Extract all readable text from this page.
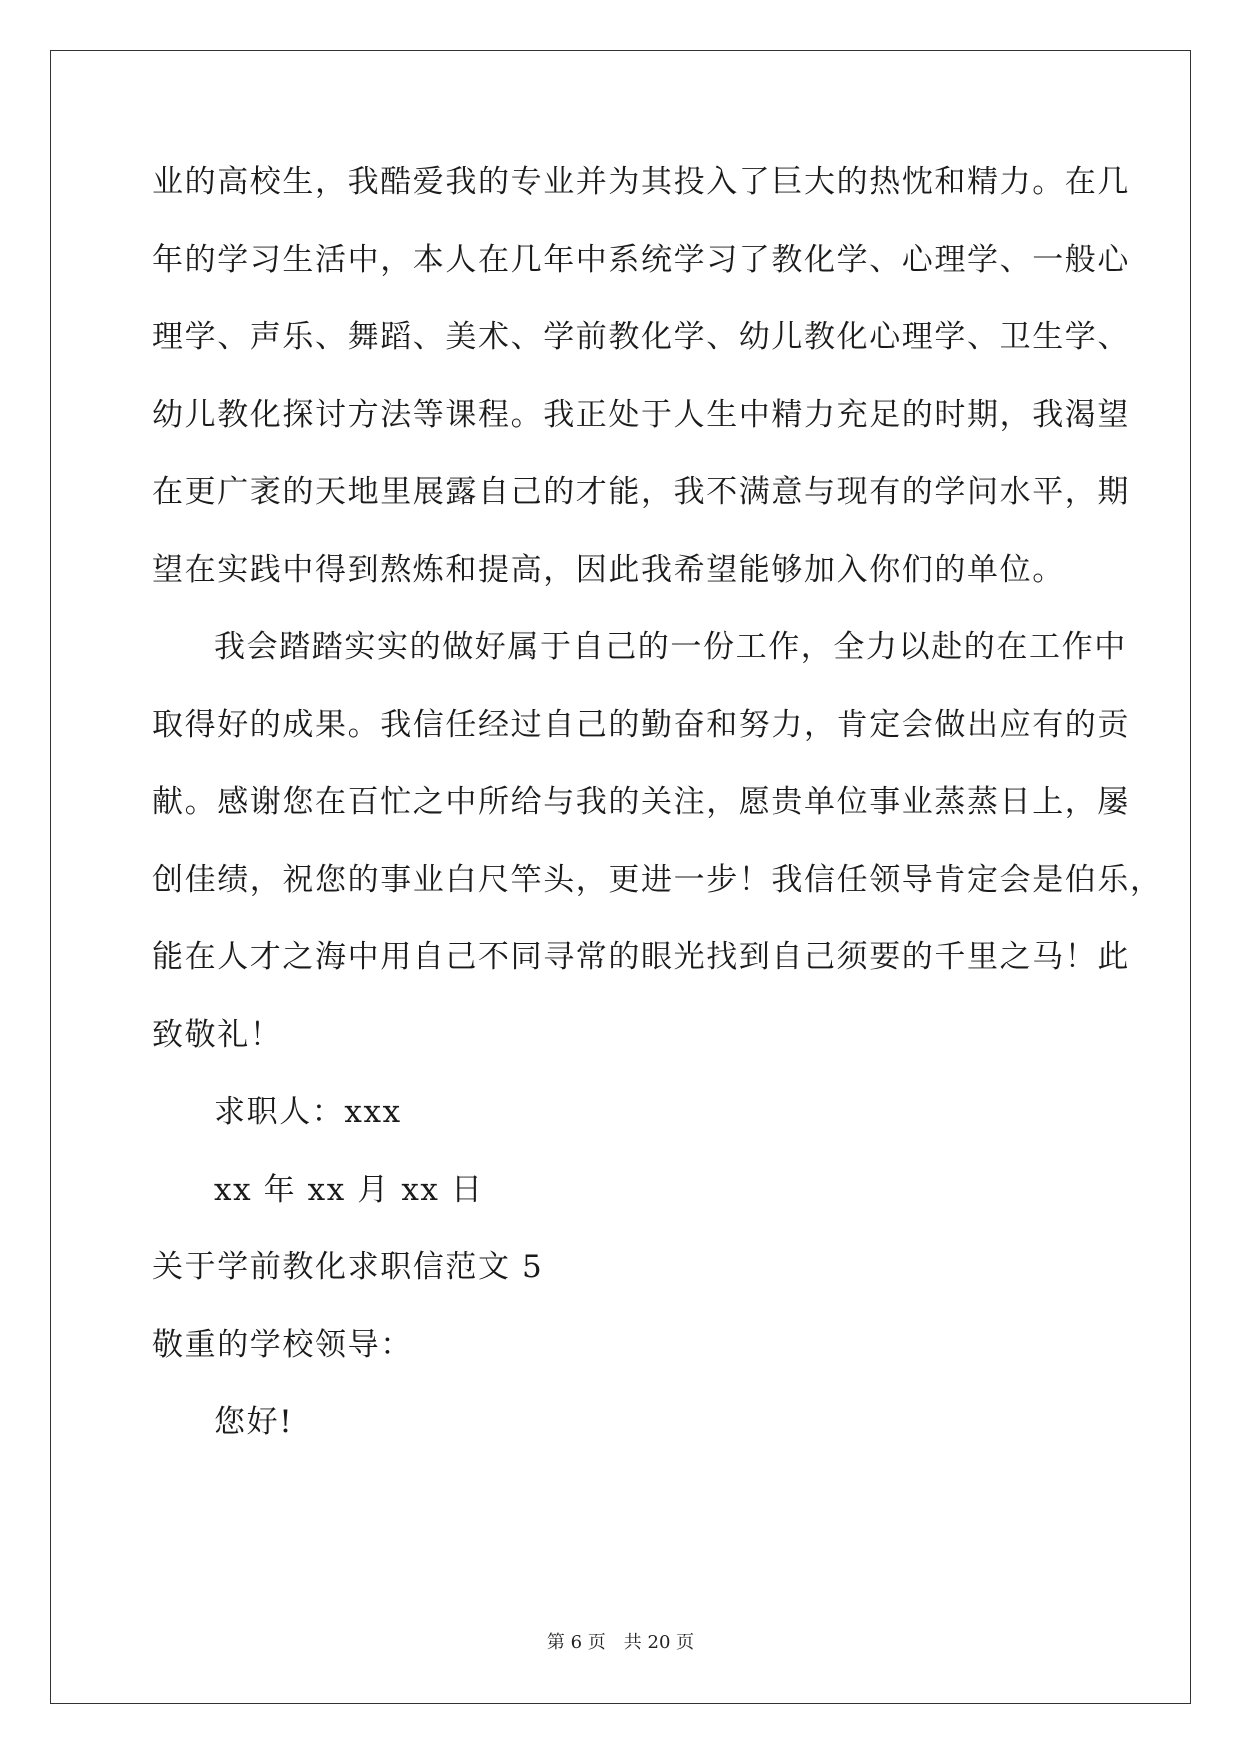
业的高校生，我酷爱我的专业并为其投入了巨大的热忱和精力。在几
年的学习生活中，本人在几年中系统学习了教化学、心理学、一般心
理学、声乐、舞蹈、美术、学前教化学、幼儿教化心理学、卫生学、
幼儿教化探讨方法等课程。我正处于人生中精力充足的时期，我渴望
在更广袤的天地里展露自己的才能，我不满意与现有的学问水平，期
望在实践中得到熬炼和提高，因此我希望能够加入你们的单位。
我会踏踏实实的做好属于自己的一份工作，全力以赴的在工作中
取得好的成果。我信任经过自己的勤奋和努力，肯定会做出应有的贡
献。感谢您在百忙之中所给与我的关注，愿贵单位事业蒸蒸日上，屡
创佳绩，祝您的事业白尺竿头，更进一步！我信任领导肯定会是伯乐，
能在人才之海中用自己不同寻常的眼光找到自己须要的千里之马！此
致敬礼！
求职人：xxx
xx 年 xx 月 xx 日
关于学前教化求职信范文 5
敬重的学校领导：
您好!
第 6 页　共 20 页
